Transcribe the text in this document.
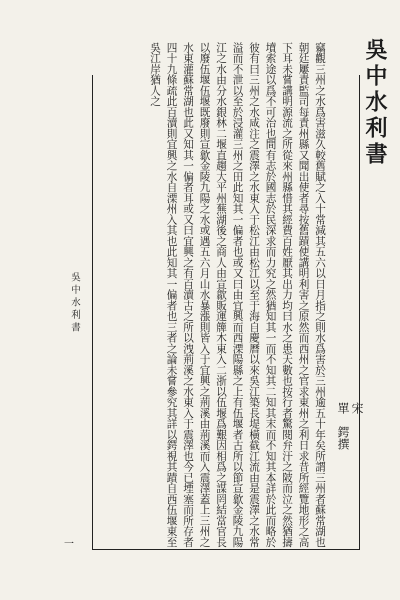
吳中水利書
宋
單　鍔撰

竊觀三州之水爲害滋久較舊賦之入十常減其五六以日月指之則水爲害於三州逾五十年矣所謂三州者蘇常湖也朝廷屢責監司每責州縣又聞出使者尋按舊蹟使講明利害之原然而西州之官求東州之利日求昔所經覽地形之高下耳未嘗講明源流之所從來州縣惜其經費百姓厭其出力均曰水之患天數也按行者驚閱弁汗之陂而泣之然猶擣墳索途以爲不可治也間有志於國志於民深求而力究之然猶知其一而不知其二知其末而不知其本詳於此而略於彼有曰三州之水咸注之震澤之水東入于松江由松江以至于海自慶曆以來吳江築長堤橫截江流由是震澤之水常溢而不泄以至於浸灌三州之田此知其一偏者也或又曰由宜興而西溧陽縣之上有伍堰者古所以節宣歙金陵九陽江之水由分水銀林二堰直趨大平州蕪湖後之商人由宣歙販運簰木東入二浙以伍堰爲艱因相爲之謀罔結當官長以廢伍堰伍堰既廢則宣歙金陵九陽之水或遇五六月山水暴漲則皆入于宜興之荊溪由荊溪而入震澤蓋上三州之水東灌蘇常湖也此又知其一偏者耳或又曰宜興之有百瀆古之所以洩荊溪之水東入于震澤也今已堙塞而所存者四十九條疏此百瀆則宜興之水自溧州入其也此知其一偏者也三者之論未嘗參究其詳以鍔視其蹟自西伍堰東至吳江岸猶人之

吳中水利書
一
